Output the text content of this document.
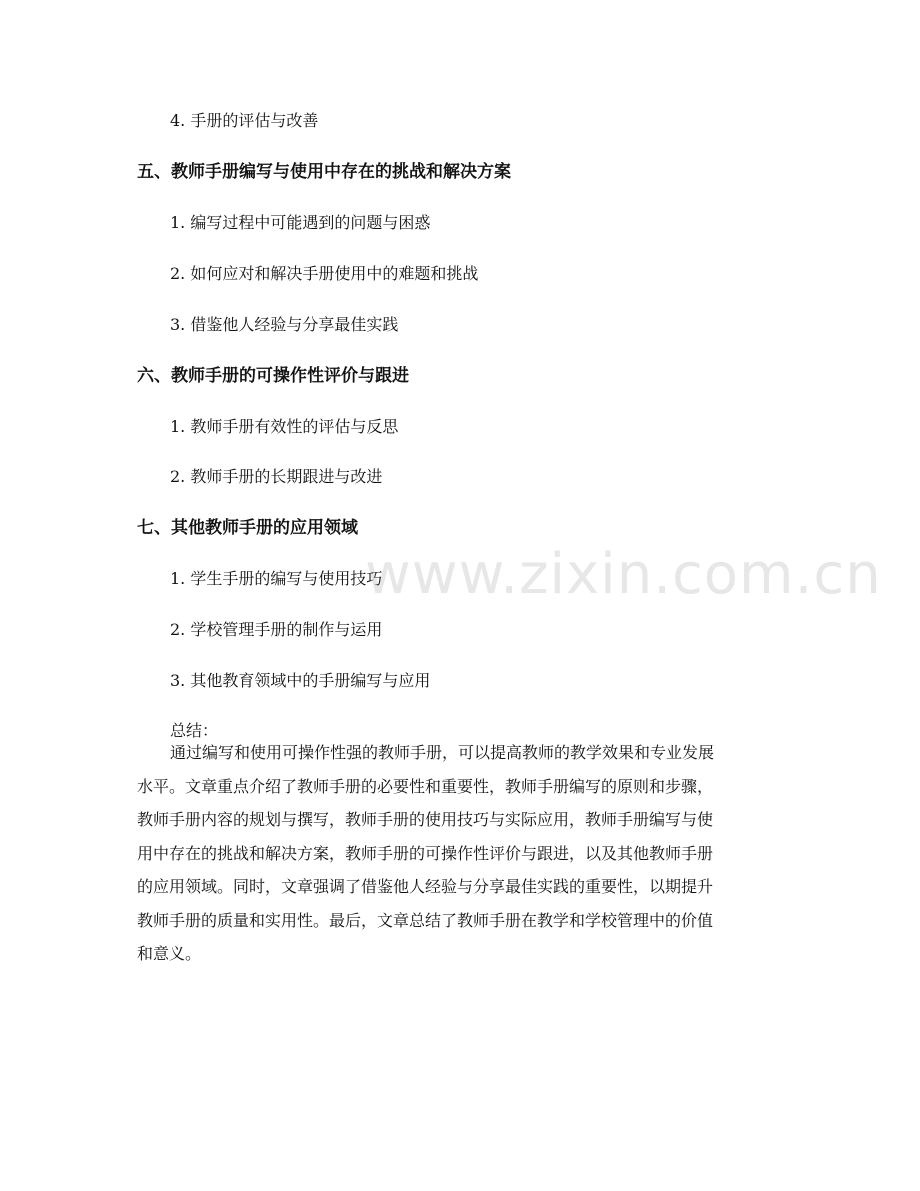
4. 手册的评估与改善
五、教师手册编写与使用中存在的挑战和解决方案
1. 编写过程中可能遇到的问题与困惑
2. 如何应对和解决手册使用中的难题和挑战
3. 借鉴他人经验与分享最佳实践
六、教师手册的可操作性评价与跟进
1. 教师手册有效性的评估与反思
2. 教师手册的长期跟进与改进
七、其他教师手册的应用领域
1. 学生手册的编写与使用技巧
2. 学校管理手册的制作与运用
3. 其他教育领域中的手册编写与应用
总结：
通过编写和使用可操作性强的教师手册，可以提高教师的教学效果和专业发展
水平。文章重点介绍了教师手册的必要性和重要性，教师手册编写的原则和步骤，
教师手册内容的规划与撰写，教师手册的使用技巧与实际应用，教师手册编写与使
用中存在的挑战和解决方案，教师手册的可操作性评价与跟进，以及其他教师手册
的应用领域。同时，文章强调了借鉴他人经验与分享最佳实践的重要性，以期提升
教师手册的质量和实用性。最后，文章总结了教师手册在教学和学校管理中的价值
和意义。
www.zixin.com.cn
